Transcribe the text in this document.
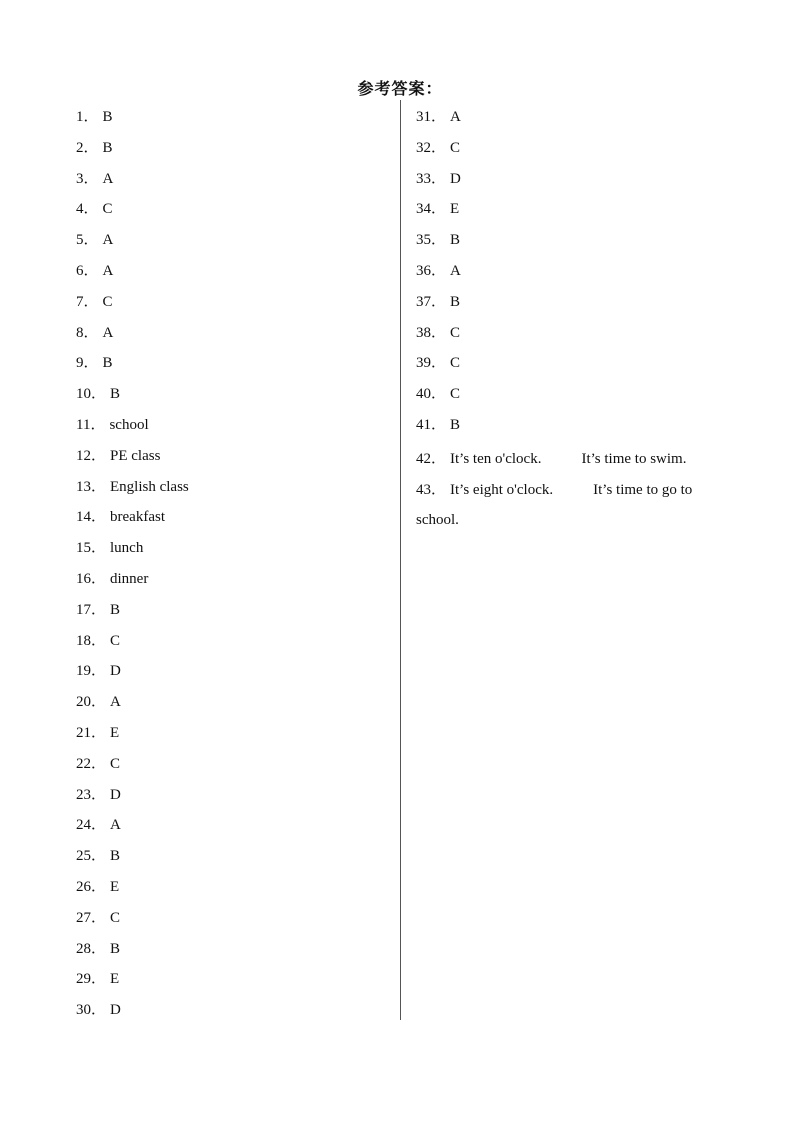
参考答案：
1． B
2． B
3． A
4． C
5． A
6． A
7． C
8． A
9． B
10． B
11． school
12． PE class
13． English class
14． breakfast
15． lunch
16． dinner
17． B
18． C
19． D
20． A
21． E
22． C
23． D
24． A
25． B
26． E
27． C
28． B
29． E
30． D
31． A
32． C
33． D
34． E
35． B
36． A
37． B
38． C
39． C
40． C
41． B
42． It’s ten o'clock.	It’s time to swim.
43． It’s eight o'clock.	It’s time to go to school.
